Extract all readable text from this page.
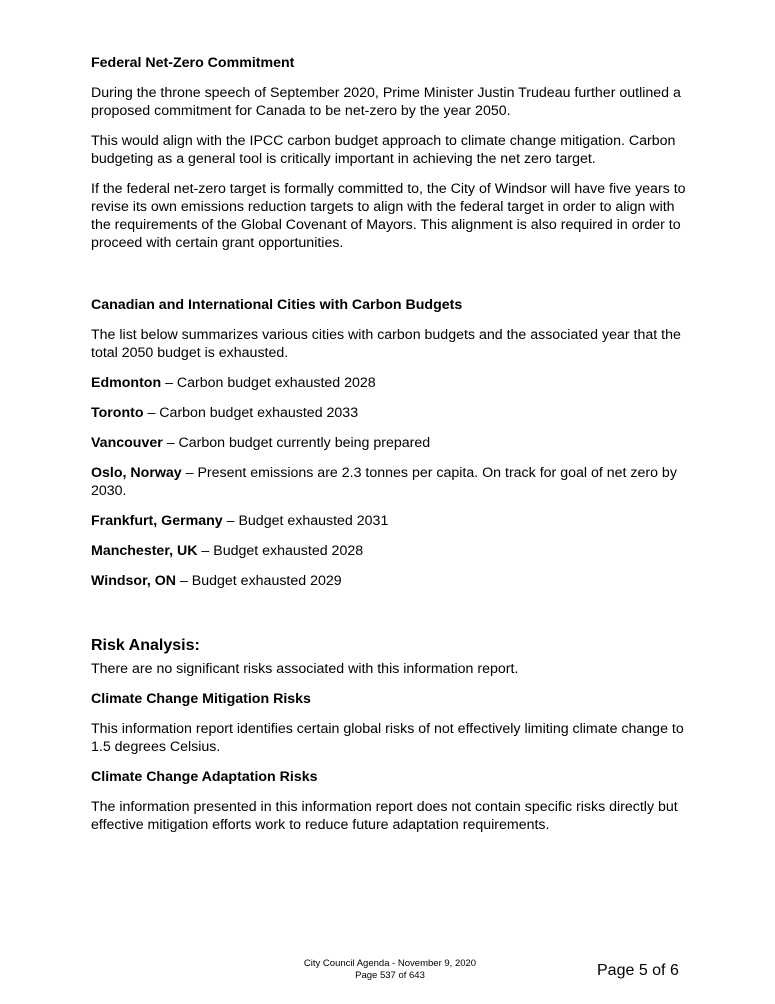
Federal Net-Zero Commitment

During the throne speech of September 2020, Prime Minister Justin Trudeau further outlined a proposed commitment for Canada to be net-zero by the year 2050.

This would align with the IPCC carbon budget approach to climate change mitigation. Carbon budgeting as a general tool is critically important in achieving the net zero target.

If the federal net-zero target is formally committed to, the City of Windsor will have five years to revise its own emissions reduction targets to align with the federal target in order to align with the requirements of the Global Covenant of Mayors. This alignment is also required in order to proceed with certain grant opportunities.

Canadian and International Cities with Carbon Budgets

The list below summarizes various cities with carbon budgets and the associated year that the total 2050 budget is exhausted.

Edmonton – Carbon budget exhausted 2028

Toronto – Carbon budget exhausted 2033

Vancouver – Carbon budget currently being prepared

Oslo, Norway – Present emissions are 2.3 tonnes per capita. On track for goal of net zero by 2030.

Frankfurt, Germany – Budget exhausted 2031

Manchester, UK – Budget exhausted 2028

Windsor, ON – Budget exhausted 2029

Risk Analysis:

There are no significant risks associated with this information report.

Climate Change Mitigation Risks

This information report identifies certain global risks of not effectively limiting climate change to 1.5 degrees Celsius.

Climate Change Adaptation Risks

The information presented in this information report does not contain specific risks directly but effective mitigation efforts work to reduce future adaptation requirements.

City Council Agenda - November 9, 2020
Page 537 of 643	Page 5 of 6
